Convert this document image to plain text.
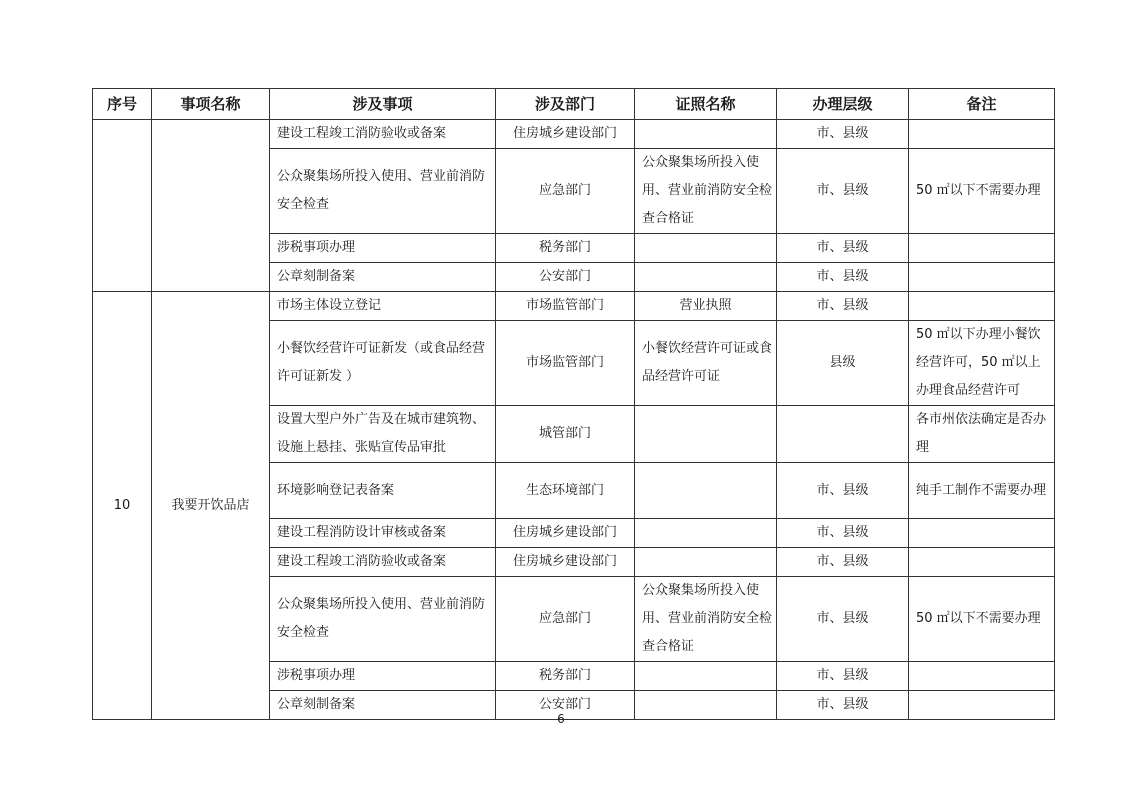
序号	事项名称	涉及事项	涉及部门	证照名称	办理层级	备注
		建设工程竣工消防验收或备案	住房城乡建设部门		市、县级	
		公众聚集场所投入使用、营业前消防安全检查	应急部门	公众聚集场所投入使用、营业前消防安全检查合格证	市、县级	50 ㎡以下不需要办理
		涉税事项办理	税务部门		市、县级	
		公章刻制备案	公安部门		市、县级	
10	我要开饮品店	市场主体设立登记	市场监管部门	营业执照	市、县级	
		小餐饮经营许可证新发（或食品经营许可证新发 ）	市场监管部门	小餐饮经营许可证或食品经营许可证	县级	50 ㎡以下办理小餐饮经营许可，50 ㎡以上办理食品经营许可
		设置大型户外广告及在城市建筑物、设施上悬挂、张贴宣传品审批	城管部门			各市州依法确定是否办理
		环境影响登记表备案	生态环境部门		市、县级	纯手工制作不需要办理
		建设工程消防设计审核或备案	住房城乡建设部门		市、县级	
		建设工程竣工消防验收或备案	住房城乡建设部门		市、县级	
		公众聚集场所投入使用、营业前消防安全检查	应急部门	公众聚集场所投入使用、营业前消防安全检查合格证	市、县级	50 ㎡以下不需要办理
		涉税事项办理	税务部门		市、县级	
		公章刻制备案	公安部门		市、县级	
6
